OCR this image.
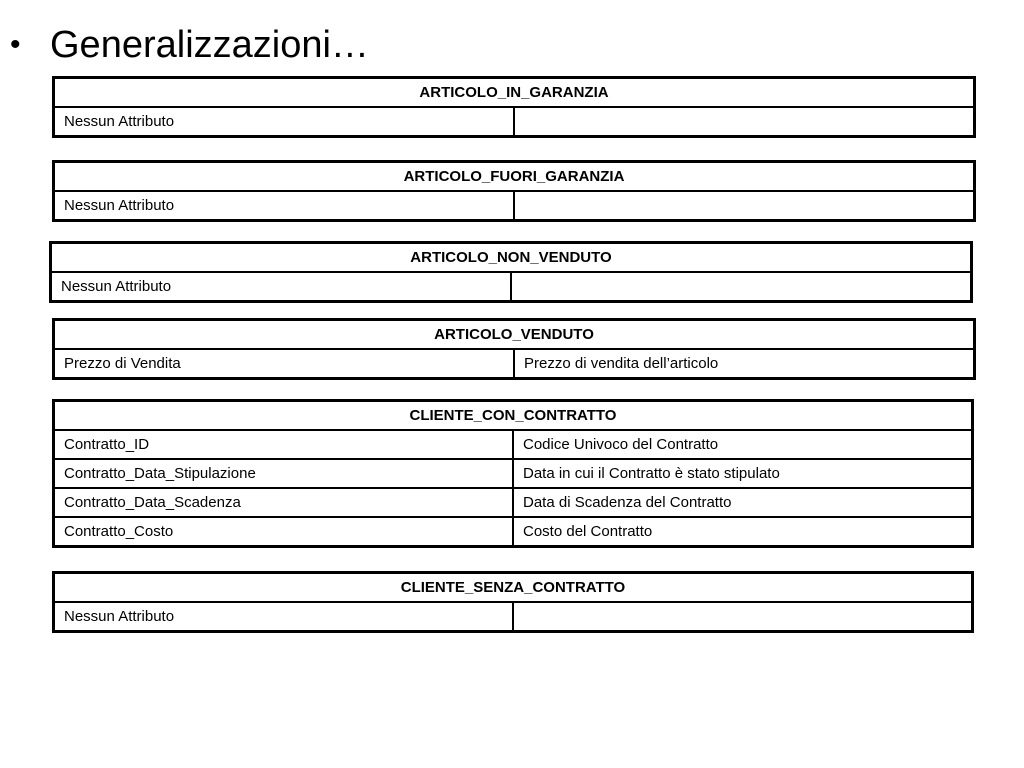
• Generalizzazioni…
ARTICOLO_IN_GARANZIA
Nessun Attributo	
ARTICOLO_FUORI_GARANZIA
Nessun Attributo	
ARTICOLO_NON_VENDUTO
Nessun Attributo	
ARTICOLO_VENDUTO
Prezzo di Vendita	Prezzo di vendita dell’articolo
CLIENTE_CON_CONTRATTO	
Contratto_ID	Codice Univoco del Contratto
Contratto_Data_Stipulazione	Data in cui il Contratto è stato stipulato
Contratto_Data_Scadenza	Data di Scadenza del Contratto
Contratto_Costo	Costo del Contratto
CLIENTE_SENZA_CONTRATTO
Nessun Attributo	
